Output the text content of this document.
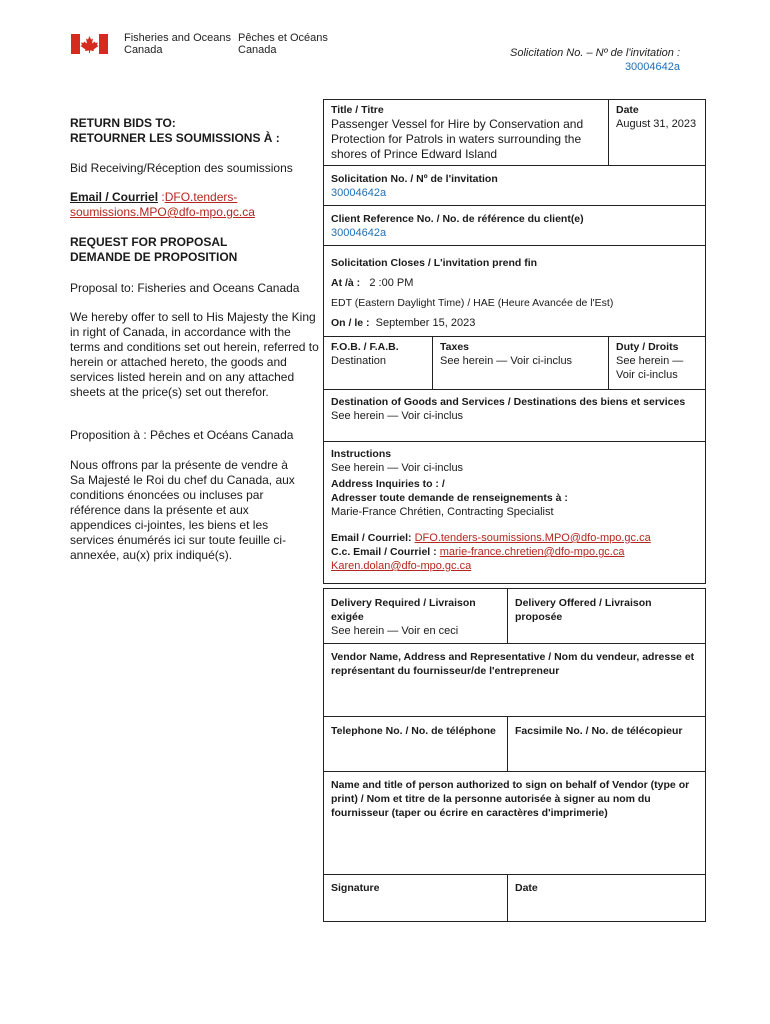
Fisheries and Oceans
Canada
Pêches et Océans
Canada	Solicitation No. – Nº de l'invitation :
30004642a
RETURN BIDS TO:
RETOURNER LES SOUMISSIONS À :
Bid Receiving/Réception des soumissions
Email / Courriel :DFO.tenders-
soumissions.MPO@dfo-mpo.gc.ca
REQUEST FOR PROPOSAL
DEMANDE DE PROPOSITION
Proposal to: Fisheries and Oceans Canada
We hereby offer to sell to His Majesty the King in right of Canada, in accordance with the terms and conditions set out herein, referred to herein or attached hereto, the goods and services listed herein and on any attached sheets at the price(s) set out therefor.
Proposition à : Pêches et Océans Canada
Nous offrons par la présente de vendre à Sa Majesté le Roi du chef du Canada, aux conditions énoncées ou incluses par référence dans la présente et aux appendices ci-jointes, les biens et les services énumérés ici sur toute feuille ci-annexée, au(x) prix indiqué(s).
Title / Titre
Passenger Vessel for Hire by Conservation and Protection for Patrols in waters surrounding the shores of Prince Edward Island
Date
August 31, 2023
Solicitation No. / Nº de l'invitation
30004642a
Client Reference No. / No. de référence du client(e)
30004642a
Solicitation Closes / L'invitation prend fin
At /à : 2 :00 PM
EDT (Eastern Daylight Time) / HAE (Heure Avancée de l'Est)
On / le : September 15, 2023
F.O.B. / F.A.B.
Destination
Taxes
See herein — Voir ci-inclus
Duty / Droits
See herein — Voir ci-inclus
Destination of Goods and Services / Destinations des biens et services
See herein — Voir ci-inclus
Instructions
See herein — Voir ci-inclus
Address Inquiries to : /
Adresser toute demande de renseignements à :
Marie-France Chrétien, Contracting Specialist
Email / Courriel: DFO.tenders-soumissions.MPO@dfo-mpo.gc.ca
C.c. Email / Courriel : marie-france.chretien@dfo-mpo.gc.ca
Karen.dolan@dfo-mpo.gc.ca
Delivery Required / Livraison exigée
See herein — Voir en ceci
Delivery Offered / Livraison proposée
Vendor Name, Address and Representative / Nom du vendeur, adresse et représentant du fournisseur/de l'entrepreneur
Telephone No. / No. de téléphone	Facsimile No. / No. de télécopieur
Name and title of person authorized to sign on behalf of Vendor (type or print) / Nom et titre de la personne autorisée à signer au nom du fournisseur (taper ou écrire en caractères d'imprimerie)
Signature	Date
